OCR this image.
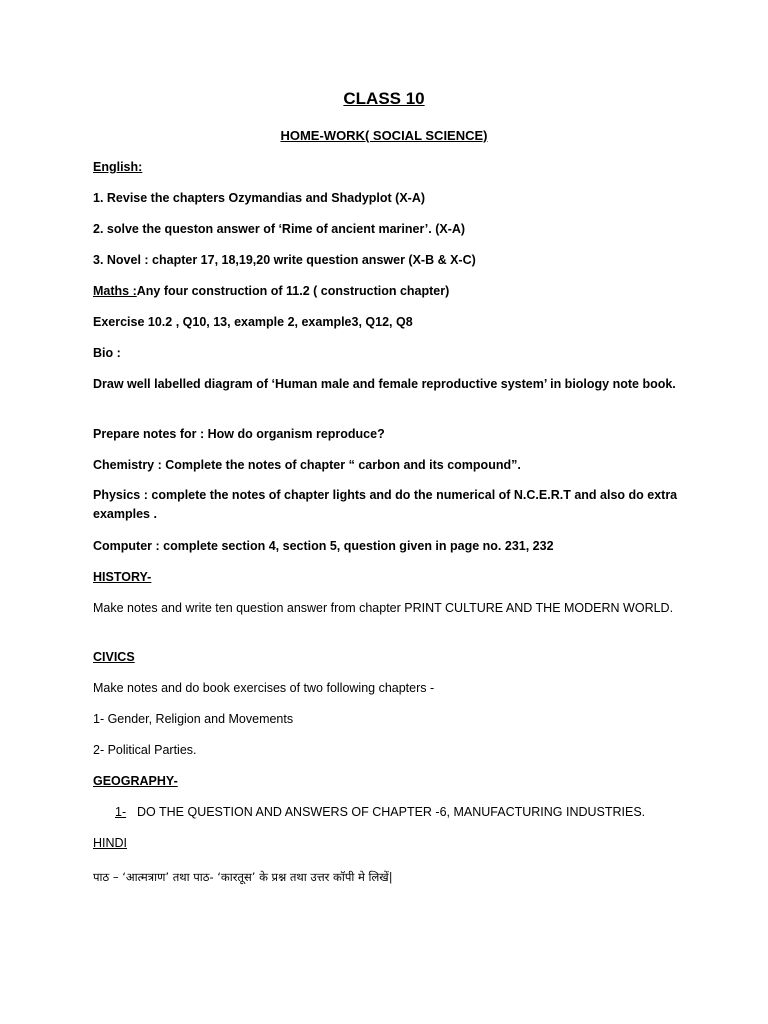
CLASS 10
HOME-WORK( SOCIAL SCIENCE)
English:
1. Revise the chapters Ozymandias and Shadyplot (X-A)
2. solve the queston answer of ‘Rime of ancient mariner’. (X-A)
3. Novel : chapter 17, 18,19,20 write question answer (X-B & X-C)
Maths :Any four construction of 11.2 ( construction chapter)
Exercise 10.2 , Q10, 13, example 2, example3, Q12, Q8
Bio :
Draw well labelled diagram of ‘Human male and female reproductive system’ in biology note book.
Prepare notes for : How do organism reproduce?
Chemistry : Complete the notes of chapter “ carbon and its compound”.
Physics : complete the notes of chapter lights and do the numerical of N.C.E.R.T and also do extra examples .
Computer : complete section 4, section 5, question given in page no. 231, 232
HISTORY-
Make notes and write ten question answer from chapter PRINT CULTURE AND THE MODERN WORLD.
CIVICS
Make notes and do book exercises of two following chapters -
1- Gender, Religion and Movements
2- Political Parties.
GEOGRAPHY-
1- DO THE QUESTION AND ANSWERS OF CHAPTER -6, MANUFACTURING INDUSTRIES.
HINDI
पाठ – ‘आत्मत्राण’ तथा पाठ- ‘कारतूस’ के प्रश्न तथा उत्तर कॉपी मे लिखें|
